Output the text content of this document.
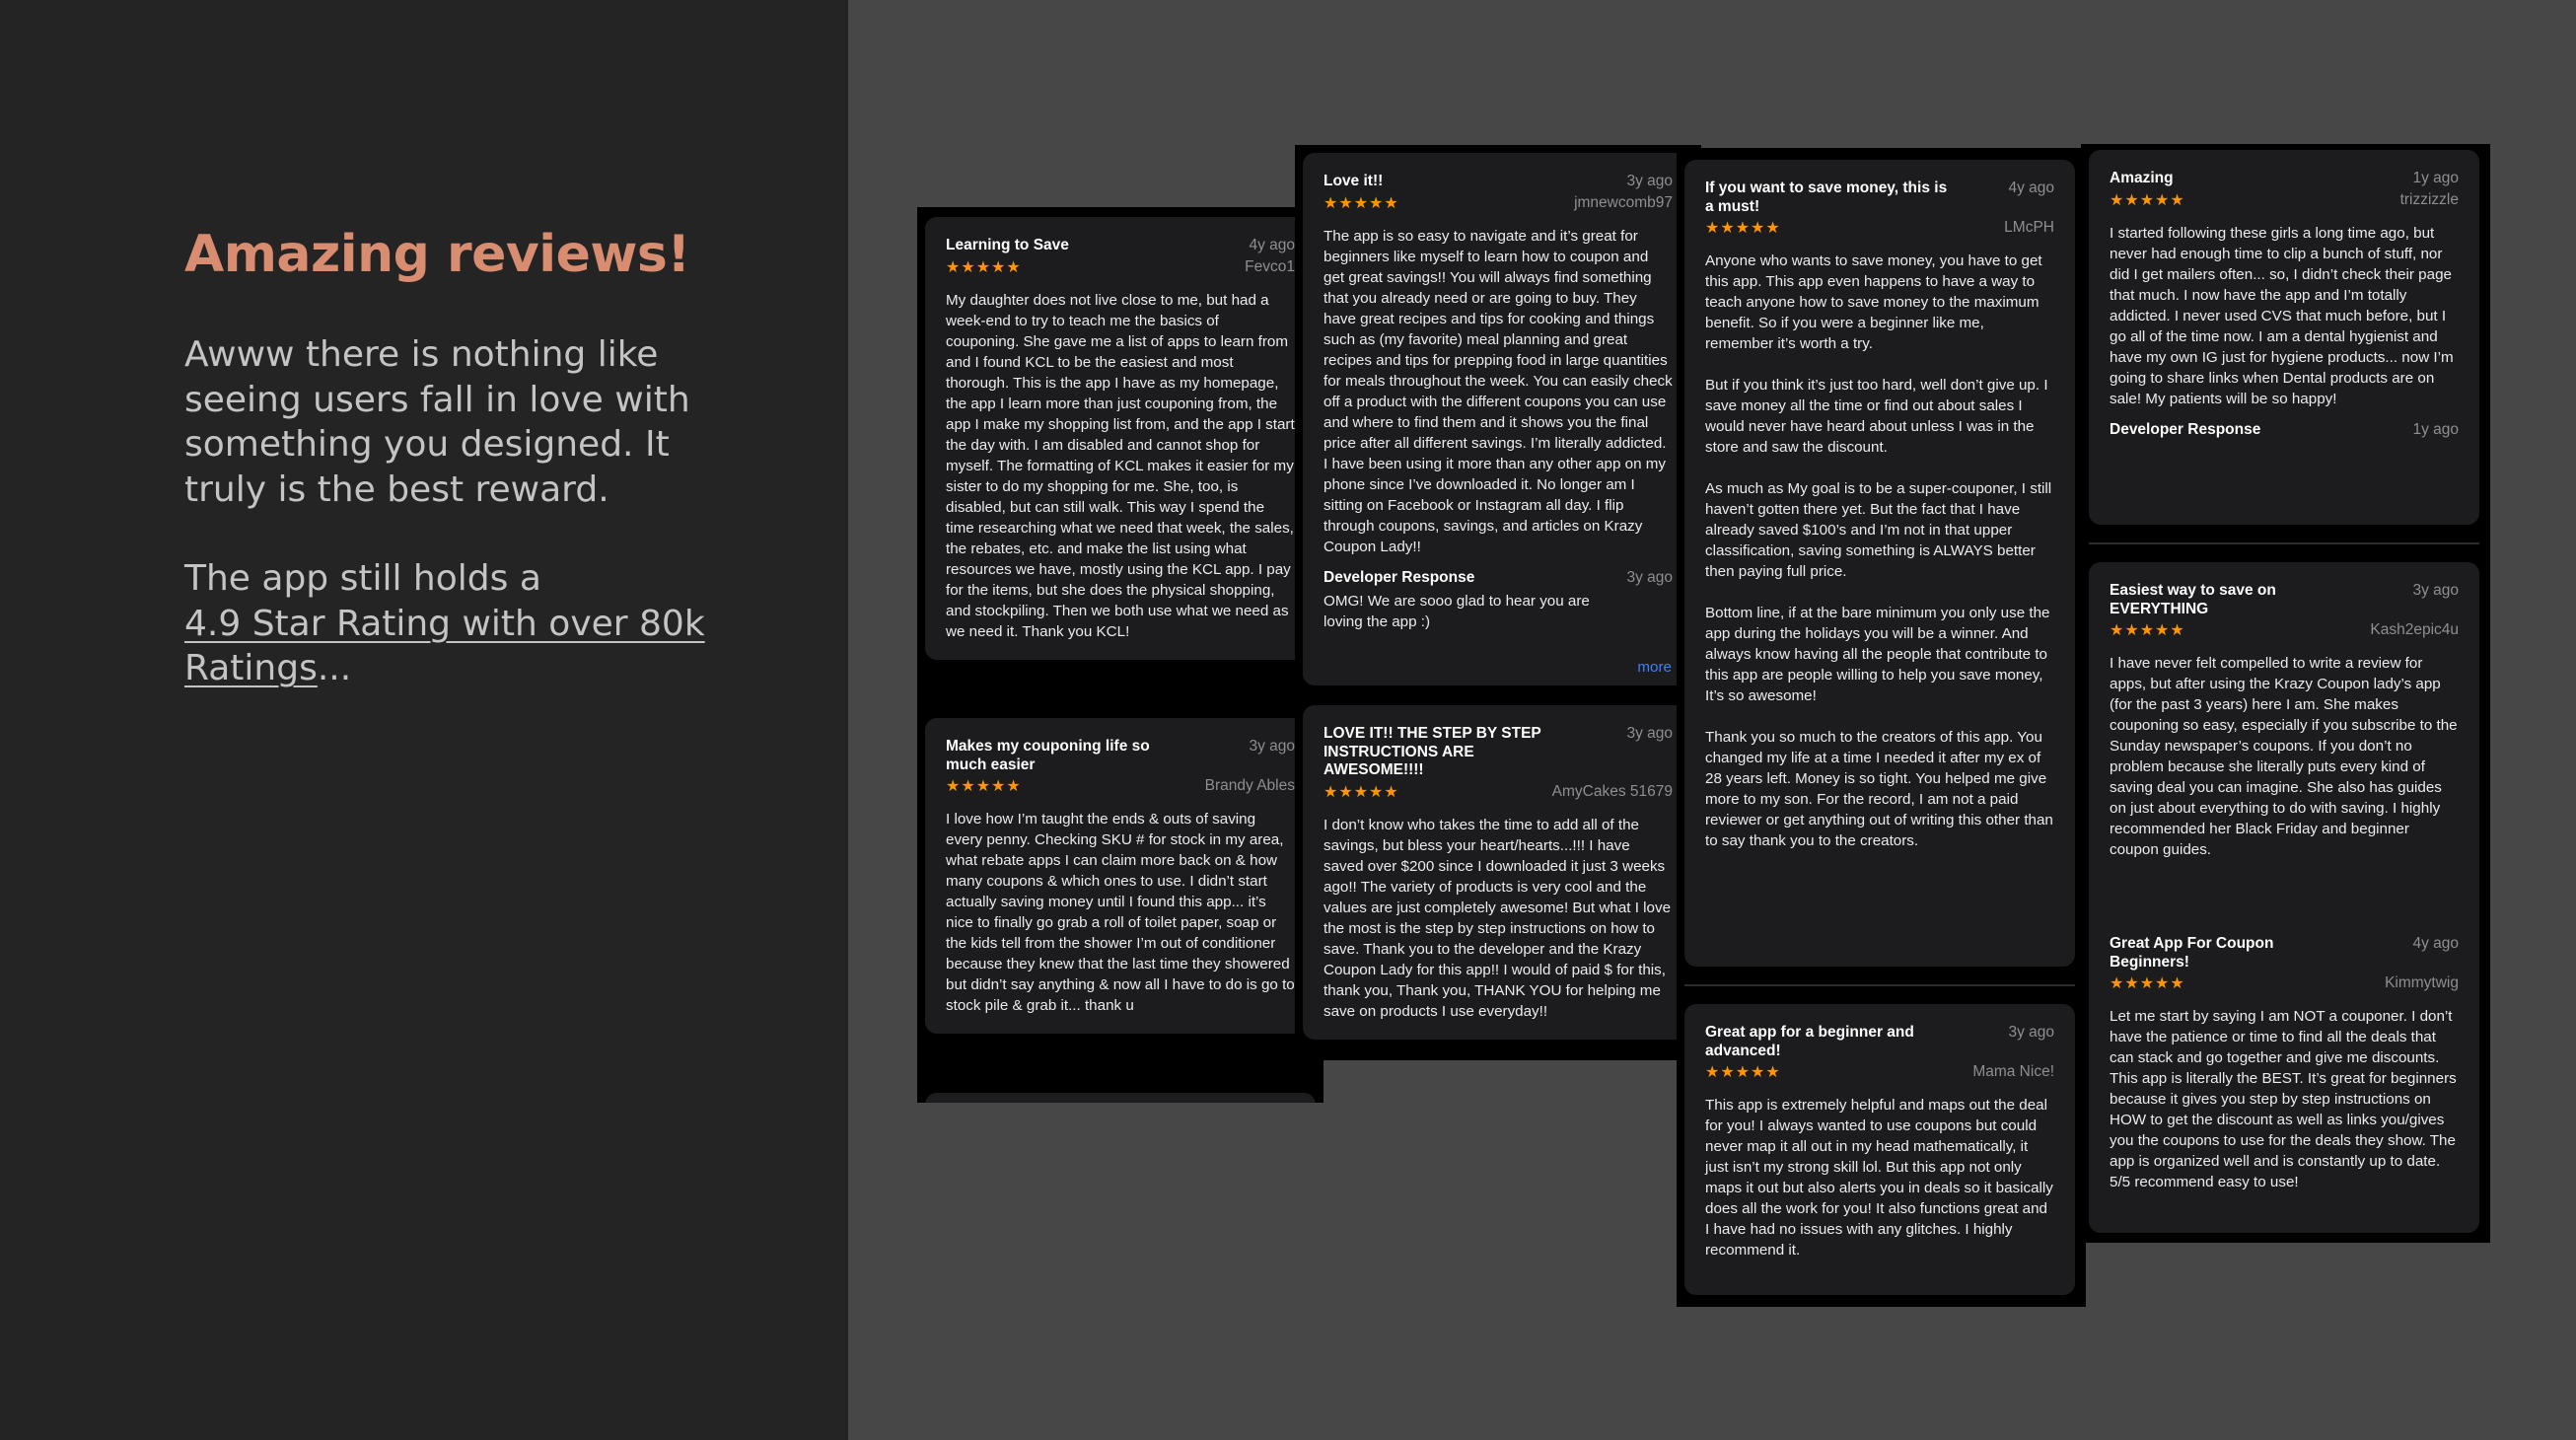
Amazing reviews!

Awww there is nothing like seeing users fall in love with something you designed. It truly is the best reward.

The app still holds a
4.9 Star Rating with over 80k Ratings...

Learning to Save	4y ago
★★★★★	Fevco1
My daughter does not live close to me, but had a week-end to try to teach me the basics of couponing. She gave me a list of apps to learn from and I found KCL to be the easiest and most thorough. This is the app I have as my homepage, the app I learn more than just couponing from, the app I make my shopping list from, and the app I start the day with. I am disabled and cannot shop for myself. The formatting of KCL makes it easier for my sister to do my shopping for me. She, too, is disabled, but can still walk. This way I spend the time researching what we need that week, the sales, the rebates, etc. and make the list using what resources we have, mostly using the KCL app. I pay for the items, but she does the physical shopping, and stockpiling. Then we both use what we need as we need it. Thank you KCL!
Makes my couponing life so much easier
3y ago
★★★★★	Brandy Ables
I love how I’m taught the ends & outs of saving every penny. Checking SKU # for stock in my area, what rebate apps I can claim more back on & how many coupons & which ones to use. I didn’t start actually saving money until I found this app... it’s nice to finally go grab a roll of toilet paper, soap or the kids tell from the shower I’m out of conditioner because they knew that the last time they showered but didn’t say anything & now all I have to do is go to stock pile & grab it... thank u
Love it!!	3y ago
★★★★★	jmnewcomb97
The app is so easy to navigate and it’s great for beginners like myself to learn how to coupon and get great savings!! You will always find something that you already need or are going to buy. They have great recipes and tips for cooking and things such as (my favorite) meal planning and great recipes and tips for prepping food in large quantities for meals throughout the week. You can easily check off a product with the different coupons you can use and where to find them and it shows you the final price after all different savings. I’m literally addicted. I have been using it more than any other app on my phone since I’ve downloaded it. No longer am I sitting on Facebook or Instagram all day. I flip through coupons, savings, and articles on Krazy Coupon Lady!!
Developer Response	3y ago
OMG! We are sooo glad to hear you are loving the app :)
more
LOVE IT!! THE STEP BY STEP INSTRUCTIONS ARE AWESOME!!!!
3y ago
★★★★★	AmyCakes 51679
I don’t know who takes the time to add all of the savings, but bless your heart/hearts...!!! I have saved over $200 since I downloaded it just 3 weeks ago!! The variety of products is very cool and the values are just completely awesome! But what I love the most is the step by step instructions on how to save. Thank you to the developer and the Krazy Coupon Lady for this app!! I would of paid $ for this, thank you, Thank you, THANK YOU for helping me save on products I use everyday!!
If you want to save money, this is a must!
4y ago
★★★★★	LMcPH
Anyone who wants to save money, you have to get this app. This app even happens to have a way to teach anyone how to save money to the maximum benefit. So if you were a beginner like me, remember it’s worth a try.

But if you think it’s just too hard, well don’t give up. I save money all the time or find out about sales I would never have heard about unless I was in the store and saw the discount.

As much as My goal is to be a super-couponer, I still haven’t gotten there yet. But the fact that I have already saved $100’s and I’m not in that upper classification, saving something is ALWAYS better then paying full price.

Bottom line, if at the bare minimum you only use the app during the holidays you will be a winner. And always know having all the people that contribute to this app are people willing to help you save money, It’s so awesome!

Thank you so much to the creators of this app. You changed my life at a time I needed it after my ex of 28 years left. Money is so tight. You helped me give more to my son. For the record, I am not a paid reviewer or get anything out of writing this other than to say thank you to the creators.
Great app for a beginner and advanced!
3y ago
★★★★★	Mama Nice!
This app is extremely helpful and maps out the deal for you! I always wanted to use coupons but could never map it all out in my head mathematically, it just isn’t my strong skill lol. But this app not only maps it out but also alerts you in deals so it basically does all the work for you! It also functions great and I have had no issues with any glitches. I highly recommend it.
Amazing	1y ago
★★★★★	trizzizzle
I started following these girls a long time ago, but never had enough time to clip a bunch of stuff, nor did I get mailers often... so, I didn’t check their page that much. I now have the app and I’m totally addicted. I never used CVS that much before, but I go all of the time now. I am a dental hygienist and have my own IG just for hygiene products... now I’m going to share links when Dental products are on sale! My patients will be so happy!
Developer Response	1y ago
Easiest way to save on EVERYTHING
3y ago
★★★★★	Kash2epic4u
I have never felt compelled to write a review for apps, but after using the Krazy Coupon lady’s app (for the past 3 years) here I am. She makes couponing so easy, especially if you subscribe to the Sunday newspaper’s coupons. If you don’t no problem because she literally puts every kind of saving deal you can imagine. She also has guides on just about everything to do with saving. I highly recommended her Black Friday and beginner coupon guides.
Great App For Coupon Beginners!
4y ago
★★★★★	Kimmytwig
Let me start by saying I am NOT a couponer. I don’t have the patience or time to find all the deals that can stack and go together and give me discounts. This app is literally the BEST. It’s great for beginners because it gives you step by step instructions on HOW to get the discount as well as links you/gives you the coupons to use for the deals they show. The app is organized well and is constantly up to date. 5/5 recommend easy to use!
